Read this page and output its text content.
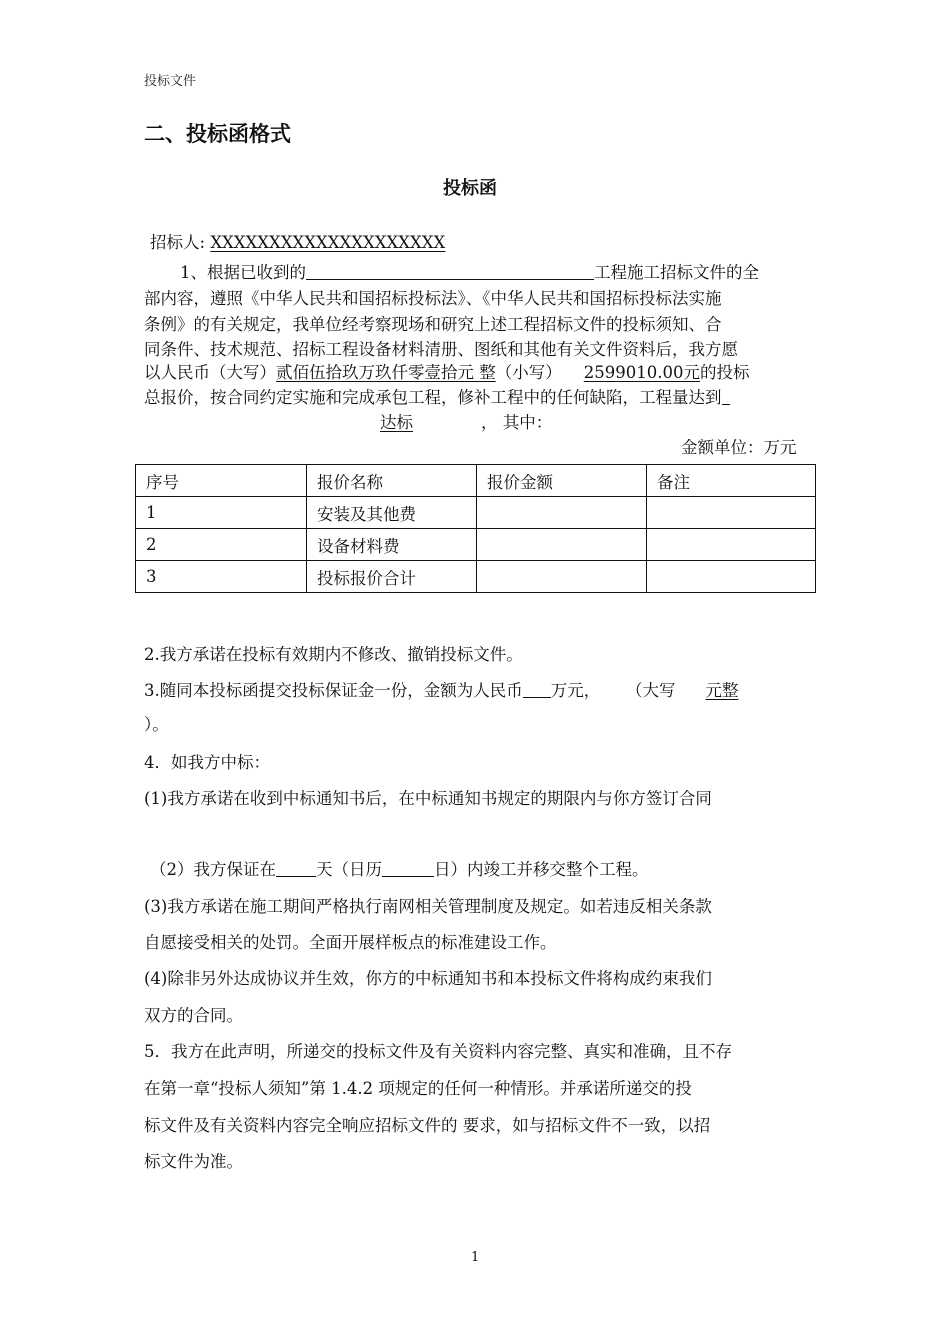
投标文件
二、投标函格式
投标函
招标人: XXXXXXXXXXXXXXXXXXXX
1、根据已收到的	工程施工招标文件的全
部内容，遵照《中华人民共和国招标投标法》、《中华人民共和国招标投标法实施
条例》的有关规定，我单位经考察现场和研究上述工程招标文件的投标须知、合
同条件、技术规范、招标工程设备材料清册、图纸和其他有关文件资料后，我方愿
以人民币（大写）贰佰伍拾玖万玖仟零壹拾元 整（小写） 2599010.00元的投标
总报价，按合同约定实施和完成承包工程，修补工程中的任何缺陷，工程量达到
达标	， 其中：
金额单位：万元
序号	报价名称	报价金额	备注
1	安装及其他费		
2	设备材料费		
3	投标报价合计		
2.我方承诺在投标有效期内不修改、撤销投标文件。
3.随同本投标函提交投标保证金一份，金额为人民币 万元， （大写 元整
）。
4．如我方中标：
(1)我方承诺在收到中标通知书后，在中标通知书规定的期限内与你方签订合同
（2）我方保证在 天（日历	日）内竣工并移交整个工程。
(3)我方承诺在施工期间严格执行南网相关管理制度及规定。如若违反相关条款
自愿接受相关的处罚。全面开展样板点的标准建设工作。
(4)除非另外达成协议并生效，你方的中标通知书和本投标文件将构成约束我们
双方的合同。
5．我方在此声明，所递交的投标文件及有关资料内容完整、真实和准确，且不存
在第一章“投标人须知”第 1.4.2 项规定的任何一种情形。并承诺所递交的投
标文件及有关资料内容完全响应招标文件的 要求，如与招标文件不一致，以招
标文件为准。
1
